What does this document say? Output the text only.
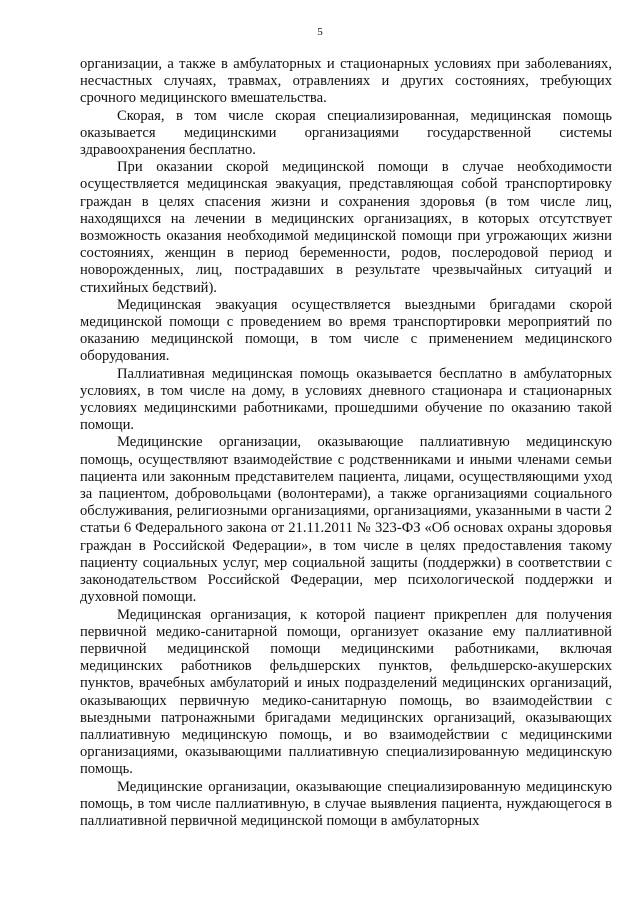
5

организации, а также в амбулаторных и стационарных условиях при заболеваниях, несчастных случаях, травмах, отравлениях и других состояниях, требующих срочного медицинского вмешательства.

Скорая, в том числе скорая специализированная, медицинская помощь оказывается медицинскими организациями государственной системы здравоохранения бесплатно.

При оказании скорой медицинской помощи в случае необходимости осуществляется медицинская эвакуация, представляющая собой транспортировку граждан в целях спасения жизни и сохранения здоровья (в том числе лиц, находящихся на лечении в медицинских организациях, в которых отсутствует возможность оказания необходимой медицинской помощи при угрожающих жизни состояниях, женщин в период беременности, родов, послеродовой период и новорожденных, лиц, пострадавших в результате чрезвычайных ситуаций и стихийных бедствий).

Медицинская эвакуация осуществляется выездными бригадами скорой медицинской помощи с проведением во время транспортировки мероприятий по оказанию медицинской помощи, в том числе с применением медицинского оборудования.

Паллиативная медицинская помощь оказывается бесплатно в амбулаторных условиях, в том числе на дому, в условиях дневного стационара и стационарных условиях медицинскими работниками, прошедшими обучение по оказанию такой помощи.

Медицинские организации, оказывающие паллиативную медицинскую помощь, осуществляют взаимодействие с родственниками и иными членами семьи пациента или законным представителем пациента, лицами, осуществляющими уход за пациентом, добровольцами (волонтерами), а также организациями социального обслуживания, религиозными организациями, организациями, указанными в части 2 статьи 6 Федерального закона от 21.11.2011 № 323-ФЗ «Об основах охраны здоровья граждан в Российской Федерации», в том числе в целях предоставления такому пациенту социальных услуг, мер социальной защиты (поддержки) в соответствии с законодательством Российской Федерации, мер психологической поддержки и духовной помощи.

Медицинская организация, к которой пациент прикреплен для получения первичной медико-санитарной помощи, организует оказание ему паллиативной первичной медицинской помощи медицинскими работниками, включая медицинских работников фельдшерских пунктов, фельдшерско-акушерских пунктов, врачебных амбулаторий и иных подразделений медицинских организаций, оказывающих первичную медико-санитарную помощь, во взаимодействии с выездными патронажными бригадами медицинских организаций, оказывающих паллиативную медицинскую помощь, и во взаимодействии с медицинскими организациями, оказывающими паллиативную специализированную медицинскую помощь.

Медицинские организации, оказывающие специализированную медицинскую помощь, в том числе паллиативную, в случае выявления пациента, нуждающегося в паллиативной первичной медицинской помощи в амбулаторных
